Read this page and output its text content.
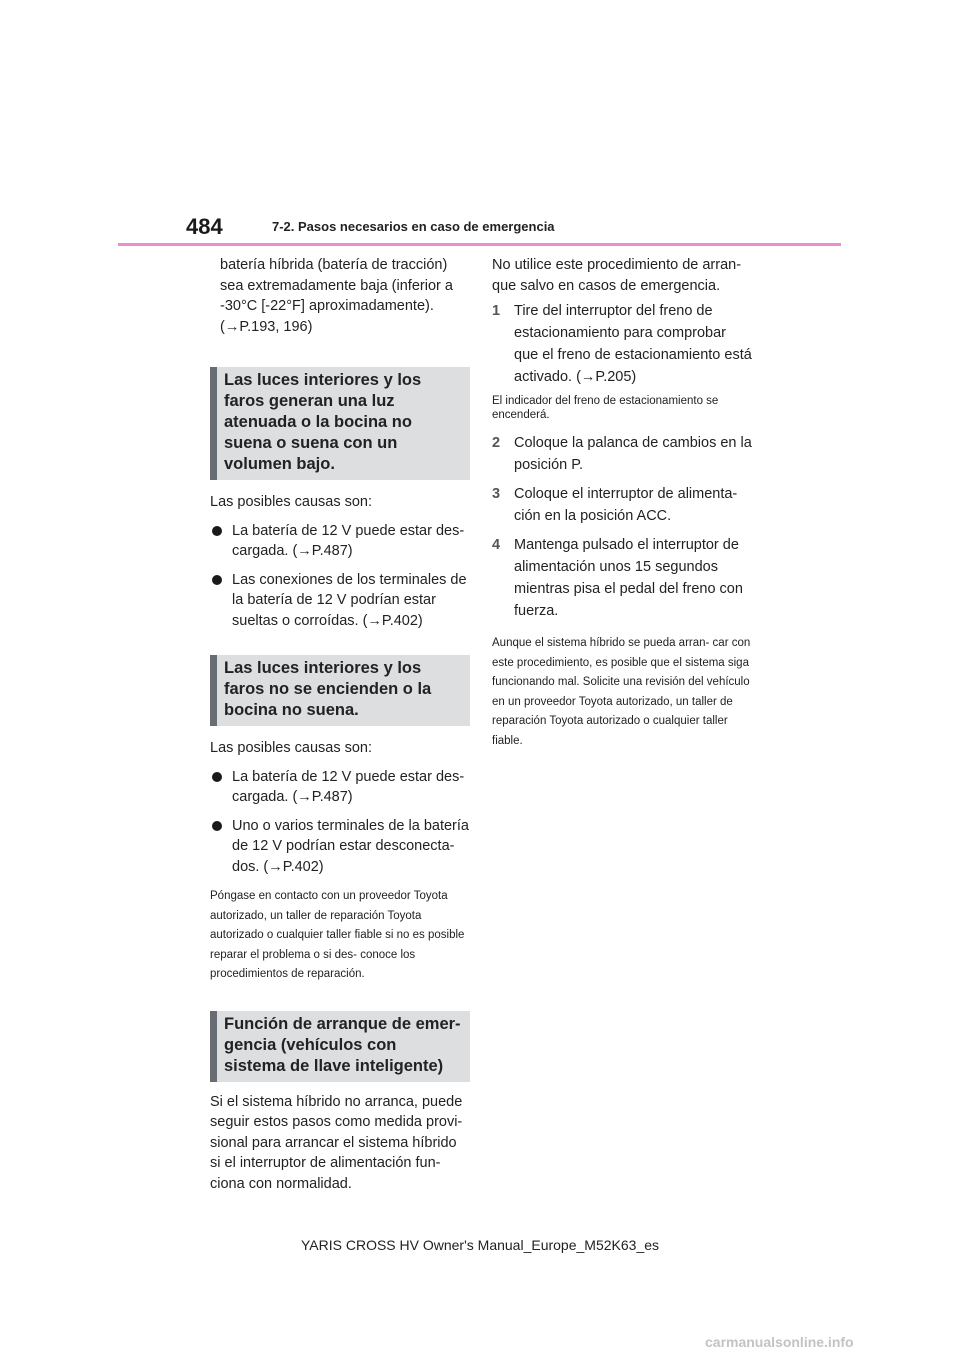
484	7-2. Pasos necesarios en caso de emergencia

batería híbrida (batería de tracción) sea extremadamente baja (inferior a -30°C [-22°F] aproximadamente). (→P.193, 196)

Las luces interiores y los faros generan una luz atenuada o la bocina no suena o suena con un volumen bajo.

Las posibles causas son:

La batería de 12 V puede estar des- cargada. (→P.487)
Las conexiones de los terminales de la batería de 12 V podrían estar sueltas o corroídas. (→P.402)
Las luces interiores y los faros no se encienden o la bocina no suena.

Las posibles causas son:

La batería de 12 V puede estar des- cargada. (→P.487)
Uno o varios terminales de la batería de 12 V podrían estar desconecta- dos. (→P.402)

Póngase en contacto con un proveedor Toyota autorizado, un taller de reparación Toyota autorizado o cualquier taller fiable si no es posible reparar el problema o si des- conoce los procedimientos de reparación.

Función de arranque de emer- gencia (vehículos con sistema de llave inteligente)

Si el sistema híbrido no arranca, puede seguir estos pasos como medida provi- sional para arrancar el sistema híbrido si el interruptor de alimentación fun- ciona con normalidad.

No utilice este procedimiento de arran- que salvo en casos de emergencia.

1 Tire del interruptor del freno de estacionamiento para comprobar que el freno de estacionamiento está activado. (→P.205)

El indicador del freno de estacionamiento se encenderá.

2 Coloque la palanca de cambios en la posición P.
3 Coloque el interruptor de alimenta- ción en la posición ACC.
4 Mantenga pulsado el interruptor de alimentación unos 15 segundos mientras pisa el pedal del freno con fuerza.

Aunque el sistema híbrido se pueda arran- car con este procedimiento, es posible que el sistema siga funcionando mal. Solicite una revisión del vehículo en un proveedor Toyota autorizado, un taller de reparación Toyota autorizado o cualquier taller fiable.

YARIS CROSS HV Owner's Manual_Europe_M52K63_es
carmanualsonline.info
